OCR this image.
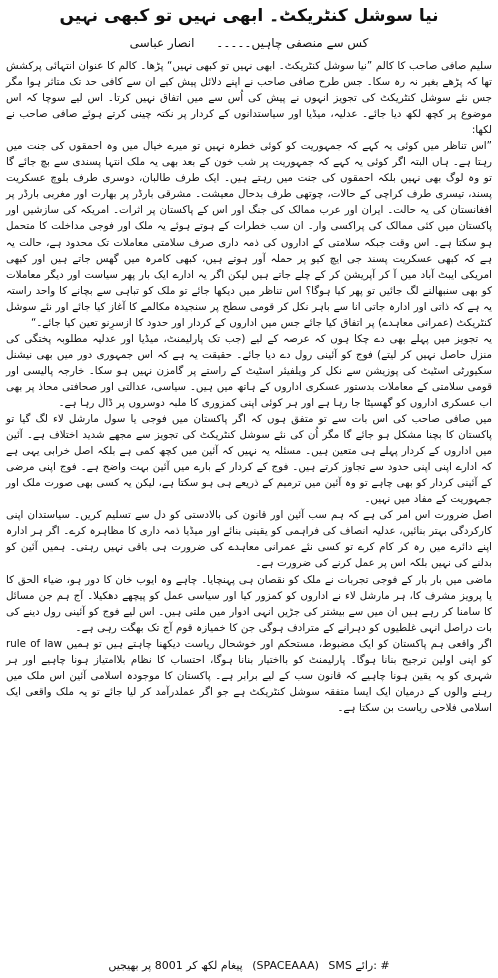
نیا سوشل کنٹریکٹ۔ ابھی نہیں تو کبھی نہیں
کس سے منصفی چاہیں۔۔۔۔۔ انصار عباسی

سلیم صافی صاحب کا کالم ”نیا سوشل کنٹریکٹ۔ ابھی نہیں تو کبھی نہیں“ پڑھا۔ کالم کا عنوان انتہائی پرکشش تھا کہ پڑھے بغیر نہ رہ سکا۔ جس طرح صافی صاحب نے اپنے دلائل پیش کیے ان سے کافی حد تک متاثر ہوا مگر جس نئے سوشل کنٹریکٹ کی تجویز انہوں نے پیش کی اُس سے میں اتفاق نہیں کرتا۔ اس لیے سوچا کہ اس موضوع پر کچھ لکھ دیا جائے۔ عدلیہ، میڈیا اور سیاستدانوں کے کردار پر نکتہ چینی کرتے ہوئے صافی صاحب نے لکھا:

”اس تناظر میں کوئی یہ کہے کہ جمہوریت کو کوئی خطرہ نہیں تو میرے خیال میں وہ احمقوں کی جنت میں رہتا ہے۔ ہاں البتہ اگر کوئی یہ کہے کہ جمہوریت پر شب خون کے بعد بھی یہ ملک انتہا پسندی سے بچ جائے گا تو وہ لوگ بھی نہیں بلکہ احمقوں کی جنت میں رہتے ہیں۔ ایک طرف طالبان، دوسری طرف بلوچ عسکریت پسند، تیسری طرف کراچی کے حالات، چوتھی طرف بدحال معیشت۔ مشرقی بارڈر پر بھارت اور مغربی بارڈر پر افغانستان کی یہ حالت۔ ایران اور عرب ممالک کی جنگ اور اس کے پاکستان پر اثرات۔ امریکہ کی سازشیں اور پاکستان میں کئی ممالک کی پراکسی وار۔ ان سب خطرات کے ہوتے ہوئے یہ ملک اور فوجی مداخلت کا متحمل ہو سکتا ہے۔ اس وقت جبکہ سلامتی کے اداروں کی ذمہ داری صرف سلامتی معاملات تک محدود ہے، حالت یہ ہے کہ کبھی عسکریت پسند جی ایچ کیو پر حملہ آور ہوتے ہیں، کبھی کامرہ میں گھس جاتے ہیں اور کبھی امریکی ایبٹ آباد میں آ کر آپریشن کر کے چلے جاتے ہیں لیکن اگر یہ ادارے ایک بار پھر سیاست اور دیگر معاملات کو بھی سنبھالنے لگ جائیں تو پھر کیا ہوگا؟ اس تناظر میں دیکھا جائے تو ملک کو تباہی سے بچانے کا واحد راستہ یہ ہے کہ ذاتی اور ادارہ جاتی انا سے باہر نکل کر قومی سطح پر سنجیدہ مکالمے کا آغاز کیا جائے اور نئے سوشل کنٹریکٹ (عمرانی معاہدے) پر اتفاق کیا جائے جس میں اداروں کے کردار اور حدود کا ازسرِنو تعین کیا جائے۔“

یہ تجویز میں پہلے بھی دے چکا ہوں کہ عرصہ کے لیے (جب تک پارلیمنٹ، میڈیا اور عدلیہ مطلوبہ پختگی کی منزل حاصل نہیں کر لیتے) فوج کو آئینی رول دے دیا جائے۔ حقیقت یہ ہے کہ اس جمہوری دور میں بھی نیشنل سکیورٹی اسٹیٹ کی پوزیشن سے نکل کر ویلفیئر اسٹیٹ کے راستے پر گامزن نہیں ہو سکا۔ خارجہ پالیسی اور قومی سلامتی کے معاملات بدستور عسکری اداروں کے ہاتھ میں ہیں۔ سیاسی، عدالتی اور صحافتی محاذ پر بھی اب عسکری اداروں کو گھسیٹا جا رہا ہے اور ہر کوئی اپنی کمزوری کا ملبہ دوسروں پر ڈال رہا ہے۔

میں صافی صاحب کی اس بات سے تو متفق ہوں کہ اگر پاکستان میں فوجی یا سول مارشل لاء لگ گیا تو پاکستان کا بچنا مشکل ہو جائے گا مگر اُن کی نئے سوشل کنٹریکٹ کی تجویز سے مجھے شدید اختلاف ہے۔ آئین میں اداروں کے کردار پہلے ہی متعین ہیں۔ مسئلہ یہ نہیں کہ آئین میں کچھ کمی ہے بلکہ اصل خرابی یہی ہے کہ ادارے اپنی اپنی حدود سے تجاوز کرتے ہیں۔ فوج کے کردار کے بارے میں آئین بہت واضح ہے۔ فوج اپنی مرضی کے آئینی کردار کو بھی چاہے تو وہ آئین میں ترمیم کے ذریعے ہی ہو سکتا ہے، لیکن یہ کسی بھی صورت ملک اور جمہوریت کے مفاد میں نہیں۔

اصل ضرورت اس امر کی ہے کہ ہم سب آئین اور قانون کی بالادستی کو دل سے تسلیم کریں۔ سیاستدان اپنی کارکردگی بہتر بنائیں، عدلیہ انصاف کی فراہمی کو یقینی بنائے اور میڈیا ذمہ داری کا مظاہرہ کرے۔ اگر ہر ادارہ اپنے دائرے میں رہ کر کام کرے تو کسی نئے عمرانی معاہدے کی ضرورت ہی باقی نہیں رہتی۔ ہمیں آئین کو بدلنے کی نہیں بلکہ اس پر عمل کرنے کی ضرورت ہے۔

ماضی میں بار بار کے فوجی تجربات نے ملک کو نقصان ہی پہنچایا۔ چاہے وہ ایوب خان کا دور ہو، ضیاء الحق کا یا پرویز مشرف کا، ہر مارشل لاء نے اداروں کو کمزور کیا اور سیاسی عمل کو پیچھے دھکیلا۔ آج ہم جن مسائل کا سامنا کر رہے ہیں ان میں سے بیشتر کی جڑیں انہی ادوار میں ملتی ہیں۔ اس لیے فوج کو آئینی رول دینے کی بات دراصل انہی غلطیوں کو دہرانے کے مترادف ہوگی جن کا خمیازہ قوم آج تک بھگت رہی ہے۔

اگر واقعی ہم پاکستان کو ایک مضبوط، مستحکم اور خوشحال ریاست دیکھنا چاہتے ہیں تو ہمیں rule of law کو اپنی اولین ترجیح بنانا ہوگا۔ پارلیمنٹ کو بااختیار بنانا ہوگا، احتساب کا نظام بلاامتیاز ہونا چاہیے اور ہر شہری کو یہ یقین ہونا چاہیے کہ قانون سب کے لیے برابر ہے۔ پاکستان کا موجودہ اسلامی آئین اس ملک میں رہنے والوں کے درمیان ایک ایسا متفقہ سوشل کنٹریکٹ ہے جو اگر عملدرآمد کر لیا جائے تو یہ ملک واقعی ایک اسلامی فلاحی ریاست بن سکتا ہے۔

پیغام لکھ کر 8001 پر بھیجیں (SPACEAAA) SMS رائے: #
